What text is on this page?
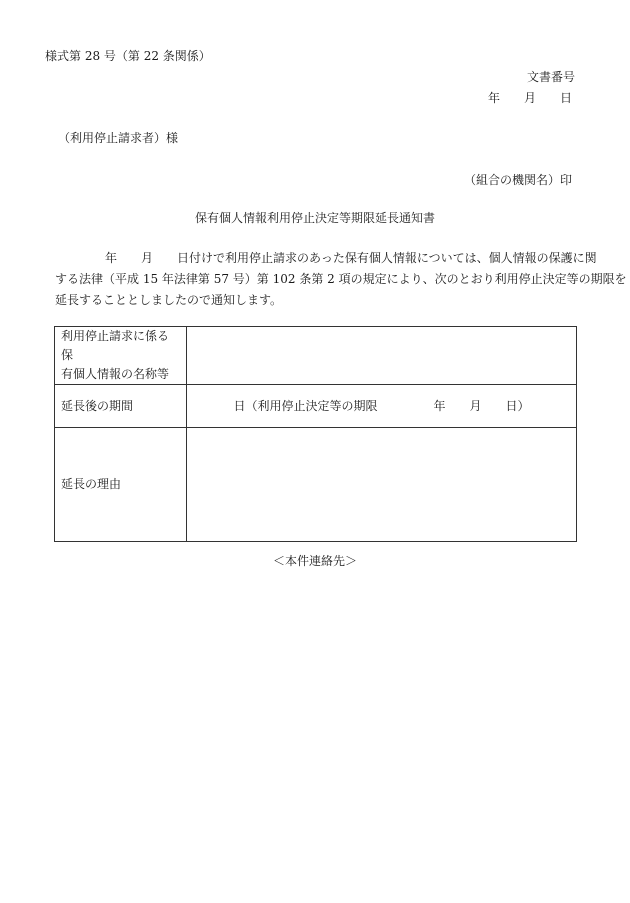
様式第 28 号（第 22 条関係）
文書番号
年　　月　　日
（利用停止請求者）様
（組合の機関名）印
保有個人情報利用停止決定等期限延長通知書

年　　月　　日付けで利用停止請求のあった保有個人情報については、個人情報の保護に関

する法律（平成 15 年法律第 57 号）第 102 条第 2 項の規定により、次のとおり利用停止決定等の期限を

延長することとしましたので通知します。

利用停止請求に係る保
有個人情報の名称等	

延長後の期間	日（利用停止決定等の期限 年　　月　　日）

延長の理由	
＜本件連絡先＞
